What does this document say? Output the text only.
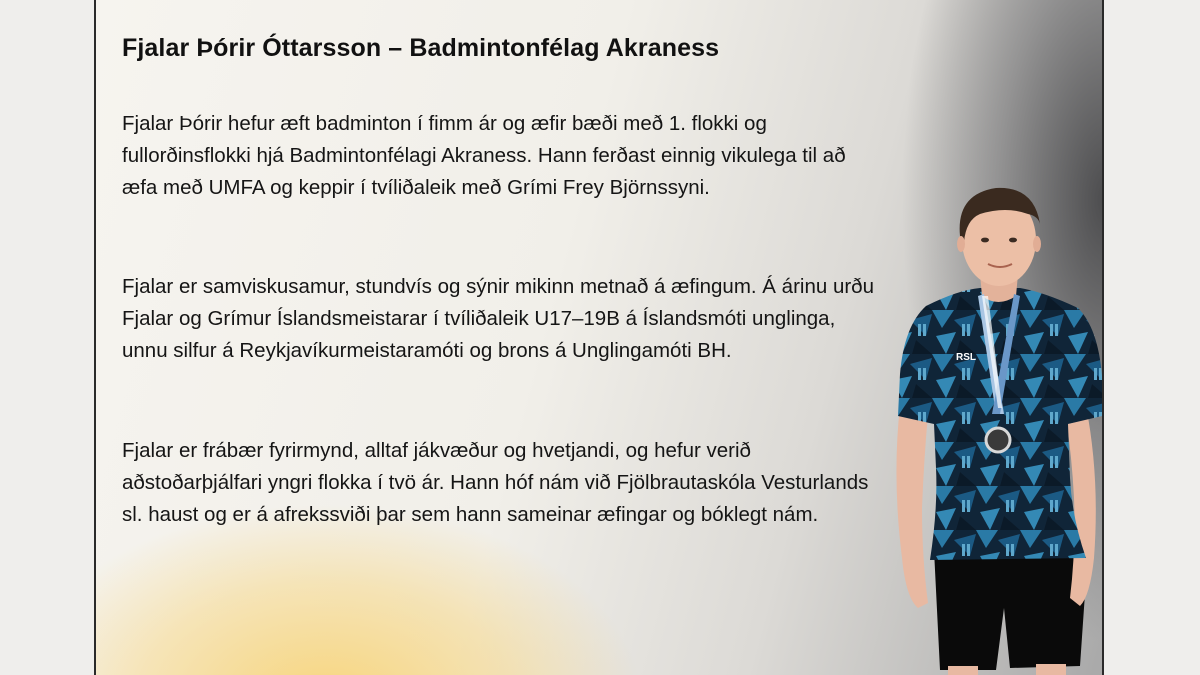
Fjalar Þórir Óttarsson – Badmintonfélag Akraness

Fjalar Þórir hefur æft badminton í fimm ár og æfir bæði með 1. flokki og fullorðinsflokki hjá Badmintonfélagi Akraness. Hann ferðast einnig vikulega til að æfa með UMFA og keppir í tvíliðaleik með Grími Frey Björnssyni.

Fjalar er samviskusamur, stundvís og sýnir mikinn metnað á æfingum. Á árinu urðu Fjalar og Grímur Íslandsmeistarar í tvíliðaleik U17–19B á Íslandsmóti unglinga, unnu silfur á Reykjavíkurmeistaramóti og brons á Unglingamóti BH.

Fjalar er frábær fyrirmynd, alltaf jákvæður og hvetjandi, og hefur verið aðstoðarþjálfari yngri flokka í tvö ár. Hann hóf nám við Fjölbrautaskóla Vesturlands sl. haust og er á afrekssviði þar sem hann sameinar æfingar og bóklegt nám.

RSL
